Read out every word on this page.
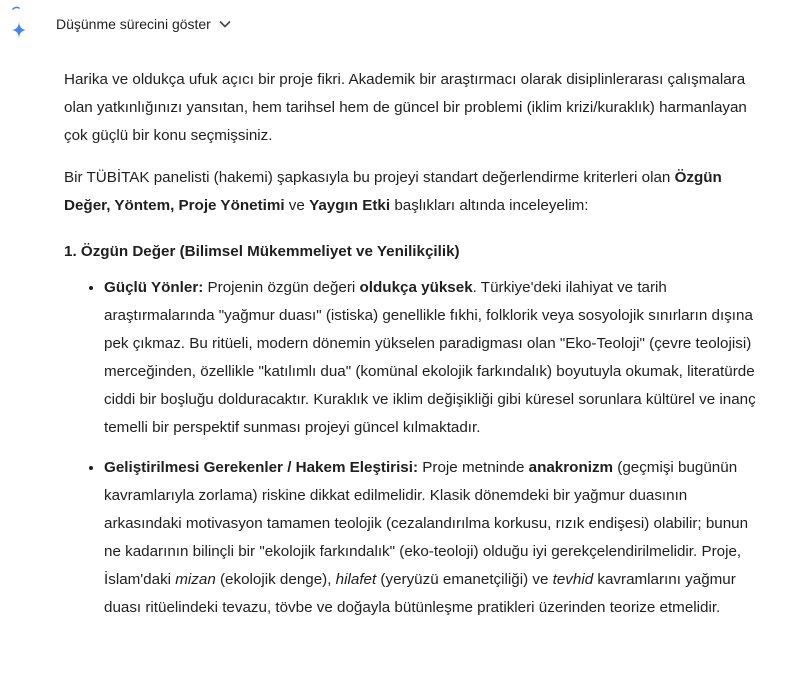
Düşünme sürecini göster

Harika ve oldukça ufuk açıcı bir proje fikri. Akademik bir araştırmacı olarak disiplinlerarası çalışmalara olan yatkınlığınızı yansıtan, hem tarihsel hem de güncel bir problemi (iklim krizi/kuraklık) harmanlayan çok güçlü bir konu seçmişsiniz.

Bir TÜBİTAK panelisti (hakemi) şapkasıyla bu projeyi standart değerlendirme kriterleri olan Özgün Değer, Yöntem, Proje Yönetimi ve Yaygın Etki başlıkları altında inceleyelim:

1. Özgün Değer (Bilimsel Mükemmeliyet ve Yenilikçilik)
• Güçlü Yönler: Projenin özgün değeri oldukça yüksek. Türkiye'deki ilahiyat ve tarih araştırmalarında "yağmur duası" (istiska) genellikle fıkhi, folklorik veya sosyolojik sınırların dışına pek çıkmaz. Bu ritüeli, modern dönemin yükselen paradigması olan "Eko-Teoloji" (çevre teolojisi) merceğinden, özellikle "katılımlı dua" (komünal ekolojik farkındalık) boyutuyla okumak, literatürde ciddi bir boşluğu dolduracaktır. Kuraklık ve iklim değişikliği gibi küresel sorunlara kültürel ve inanç temelli bir perspektif sunması projeyi güncel kılmaktadır.
• Geliştirilmesi Gerekenler / Hakem Eleştirisi: Proje metninde anakronizm (geçmişi bugünün kavramlarıyla zorlama) riskine dikkat edilmelidir. Klasik dönemdeki bir yağmur duasının arkasındaki motivasyon tamamen teolojik (cezalandırılma korkusu, rızık endişesi) olabilir; bunun ne kadarının bilinçli bir "ekolojik farkındalık" (eko-teoloji) olduğu iyi gerekçelendirilmelidir. Proje, İslam'daki mizan (ekolojik denge), hilafet (yeryüzü emanetçiliği) ve tevhid kavramlarını yağmur duası ritüelindeki tevazu, tövbe ve doğayla bütünleşme pratikleri üzerinden teorize etmelidir.
